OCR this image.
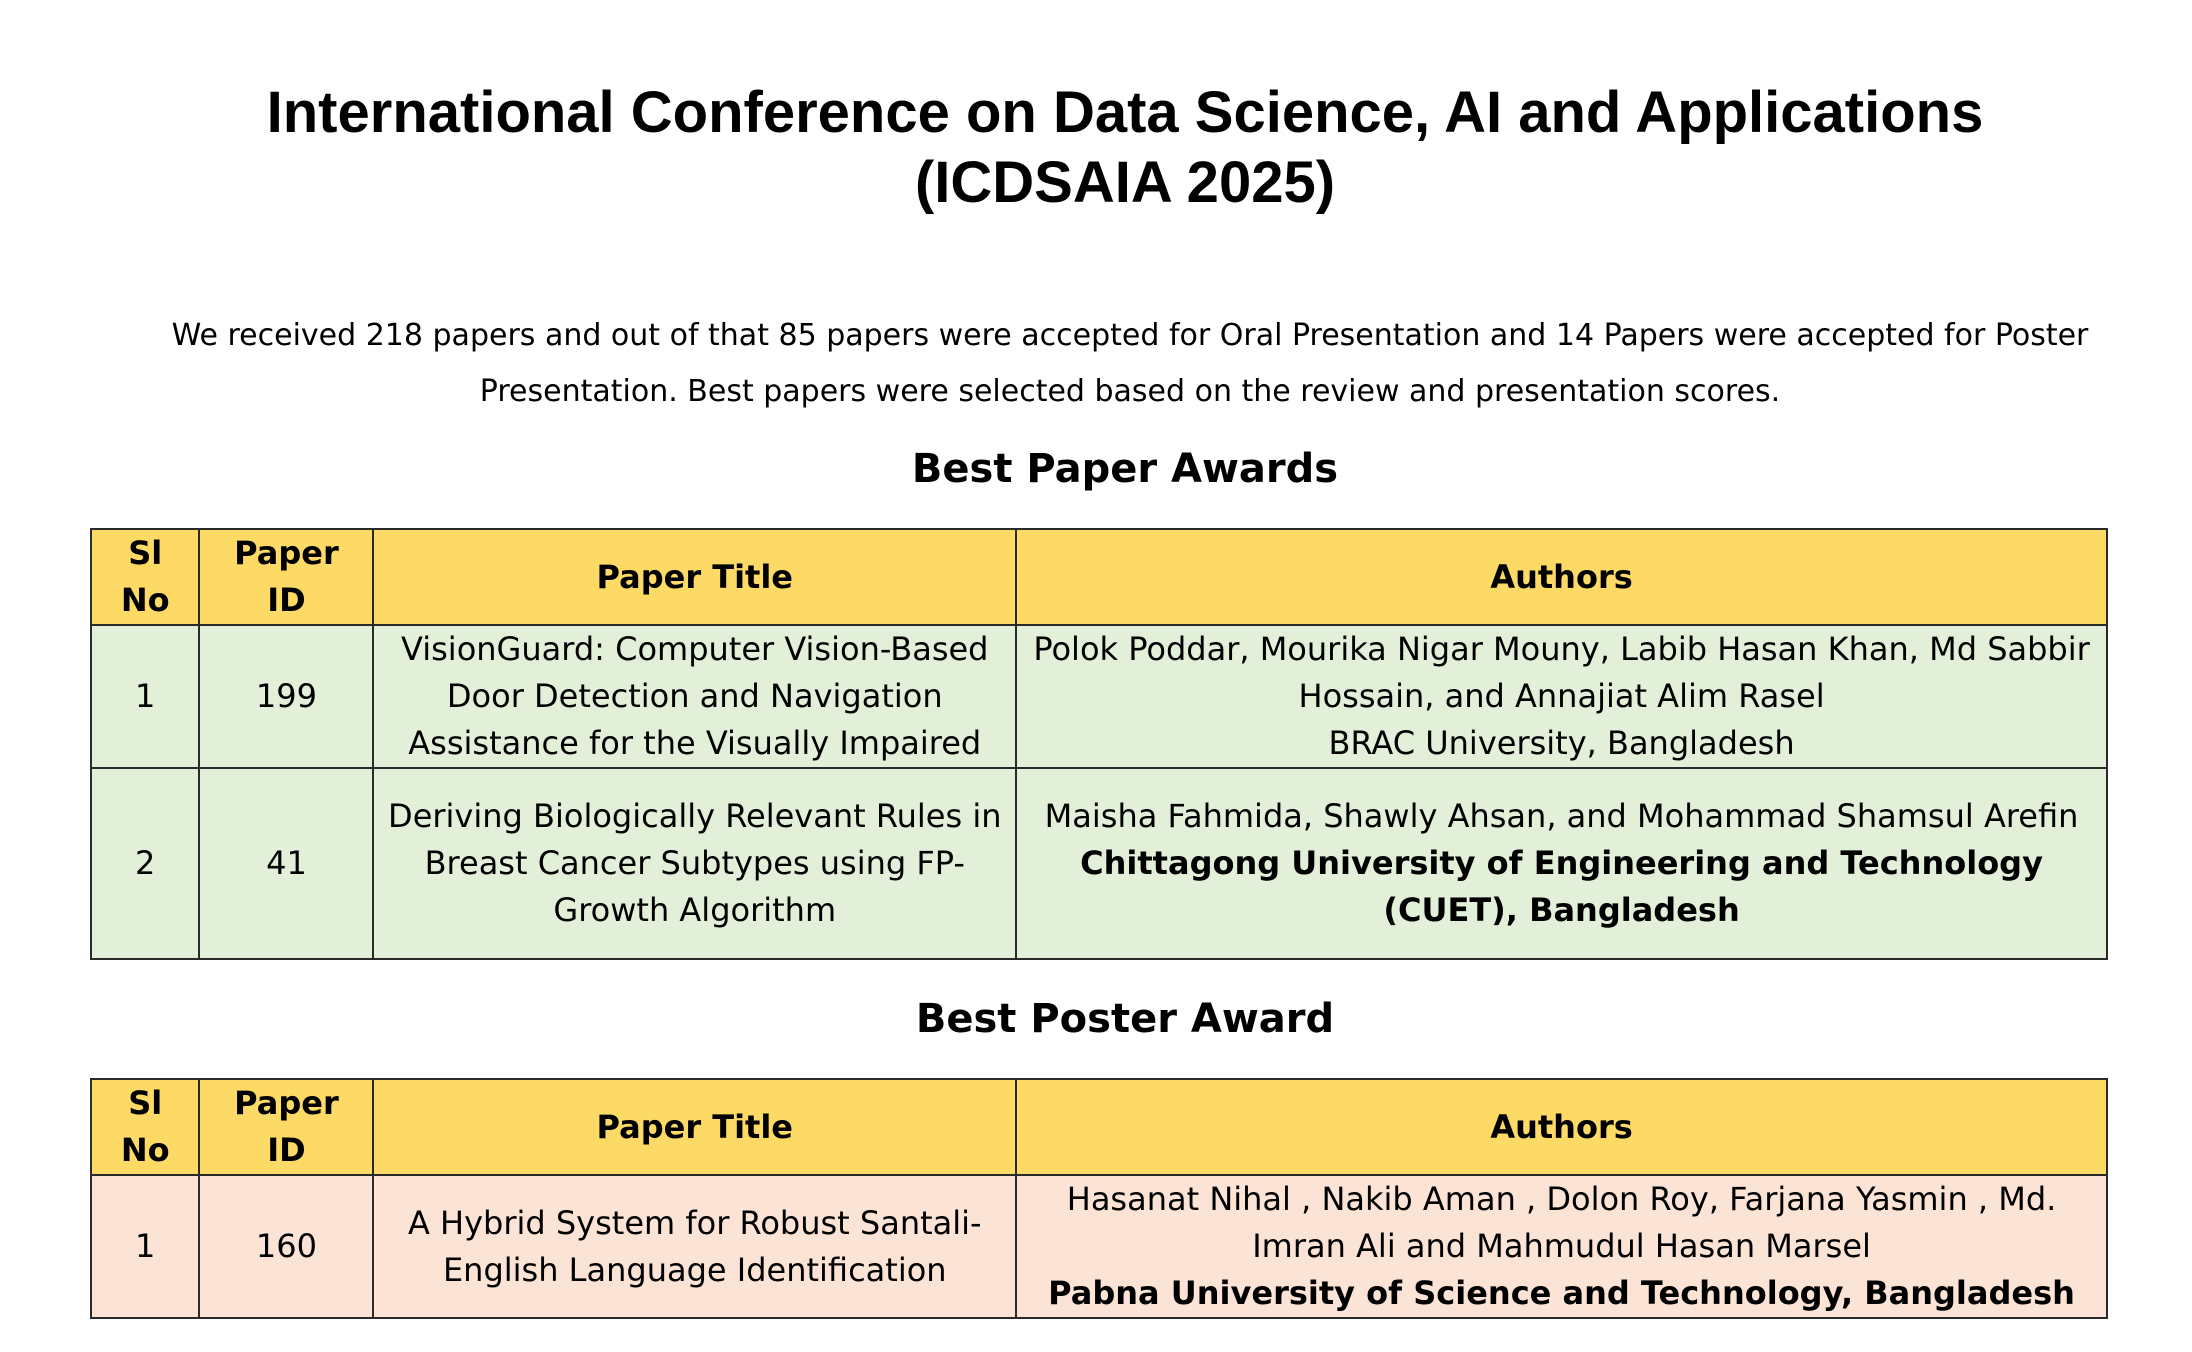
International Conference on Data Science, AI and Applications
(ICDSAIA 2025)

We received 218 papers and out of that 85 papers were accepted for Oral Presentation and 14 Papers were accepted for Poster Presentation. Best papers were selected based on the review and presentation scores.

Best Paper Awards
Sl No	Paper ID	Paper Title	Authors
1	199	VisionGuard: Computer Vision-Based Door Detection and Navigation Assistance for the Visually Impaired	Polok Poddar, Mourika Nigar Mouny, Labib Hasan Khan, Md Sabbir Hossain, and Annajiat Alim Rasel
BRAC University, Bangladesh

2	41	Deriving Biologically Relevant Rules in Breast Cancer Subtypes using FP-Growth Algorithm	Maisha Fahmida, Shawly Ahsan, and Mohammad Shamsul Arefin
Chittagong University of Engineering and Technology (CUET), Bangladesh
Best Poster Award
Sl No	Paper ID	Paper Title	Authors
1	160	A Hybrid System for Robust Santali-English Language Identification	Hasanat Nihal , Nakib Aman , Dolon Roy, Farjana Yasmin , Md. Imran Ali and Mahmudul Hasan Marsel
Pabna University of Science and Technology, Bangladesh
